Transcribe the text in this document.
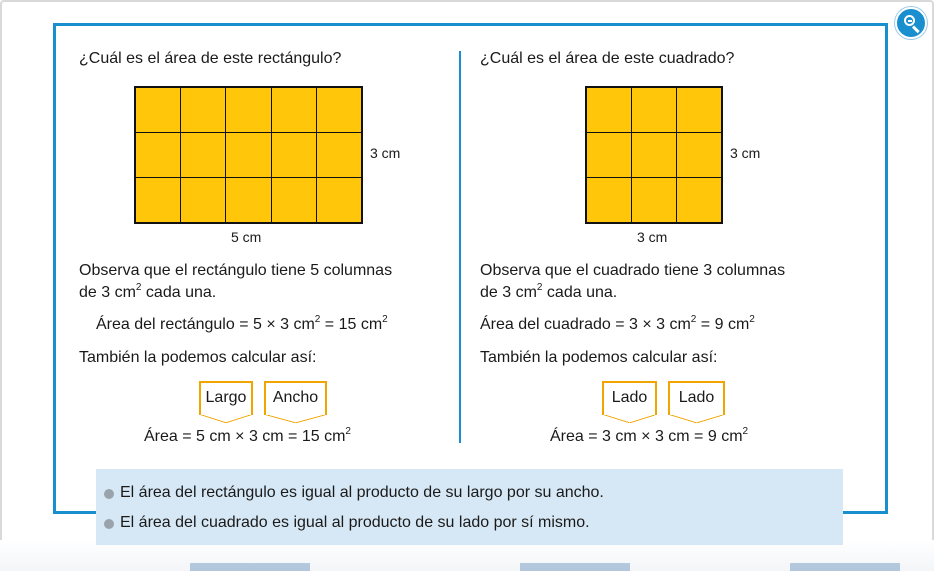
¿Cuál es el área de este rectángulo?
3 cm
5 cm
Observa que el rectángulo tiene 5 columnas
de 3 $cm^2$ cada una.
Área del rectángulo = 5 × 3 $cm^2 = 15$ $cm^2$
También la podemos calcular así:
Largo	Ancho
Área = 5 cm × 3 cm = 15 $cm^2$
¿Cuál es el área de este cuadrado?
3 cm
3 cm
Observa que el cuadrado tiene 3 columnas
de 3 $cm^2$ cada una.
Área del cuadrado = 3 × 3 $cm^2 = 9$ $cm^2$
También la podemos calcular así:
Lado	Lado
Área = 3 cm × 3 cm = 9 $cm^2$
El área del rectángulo es igual al producto de su largo por su ancho.
El área del cuadrado es igual al producto de su lado por sí mismo.
